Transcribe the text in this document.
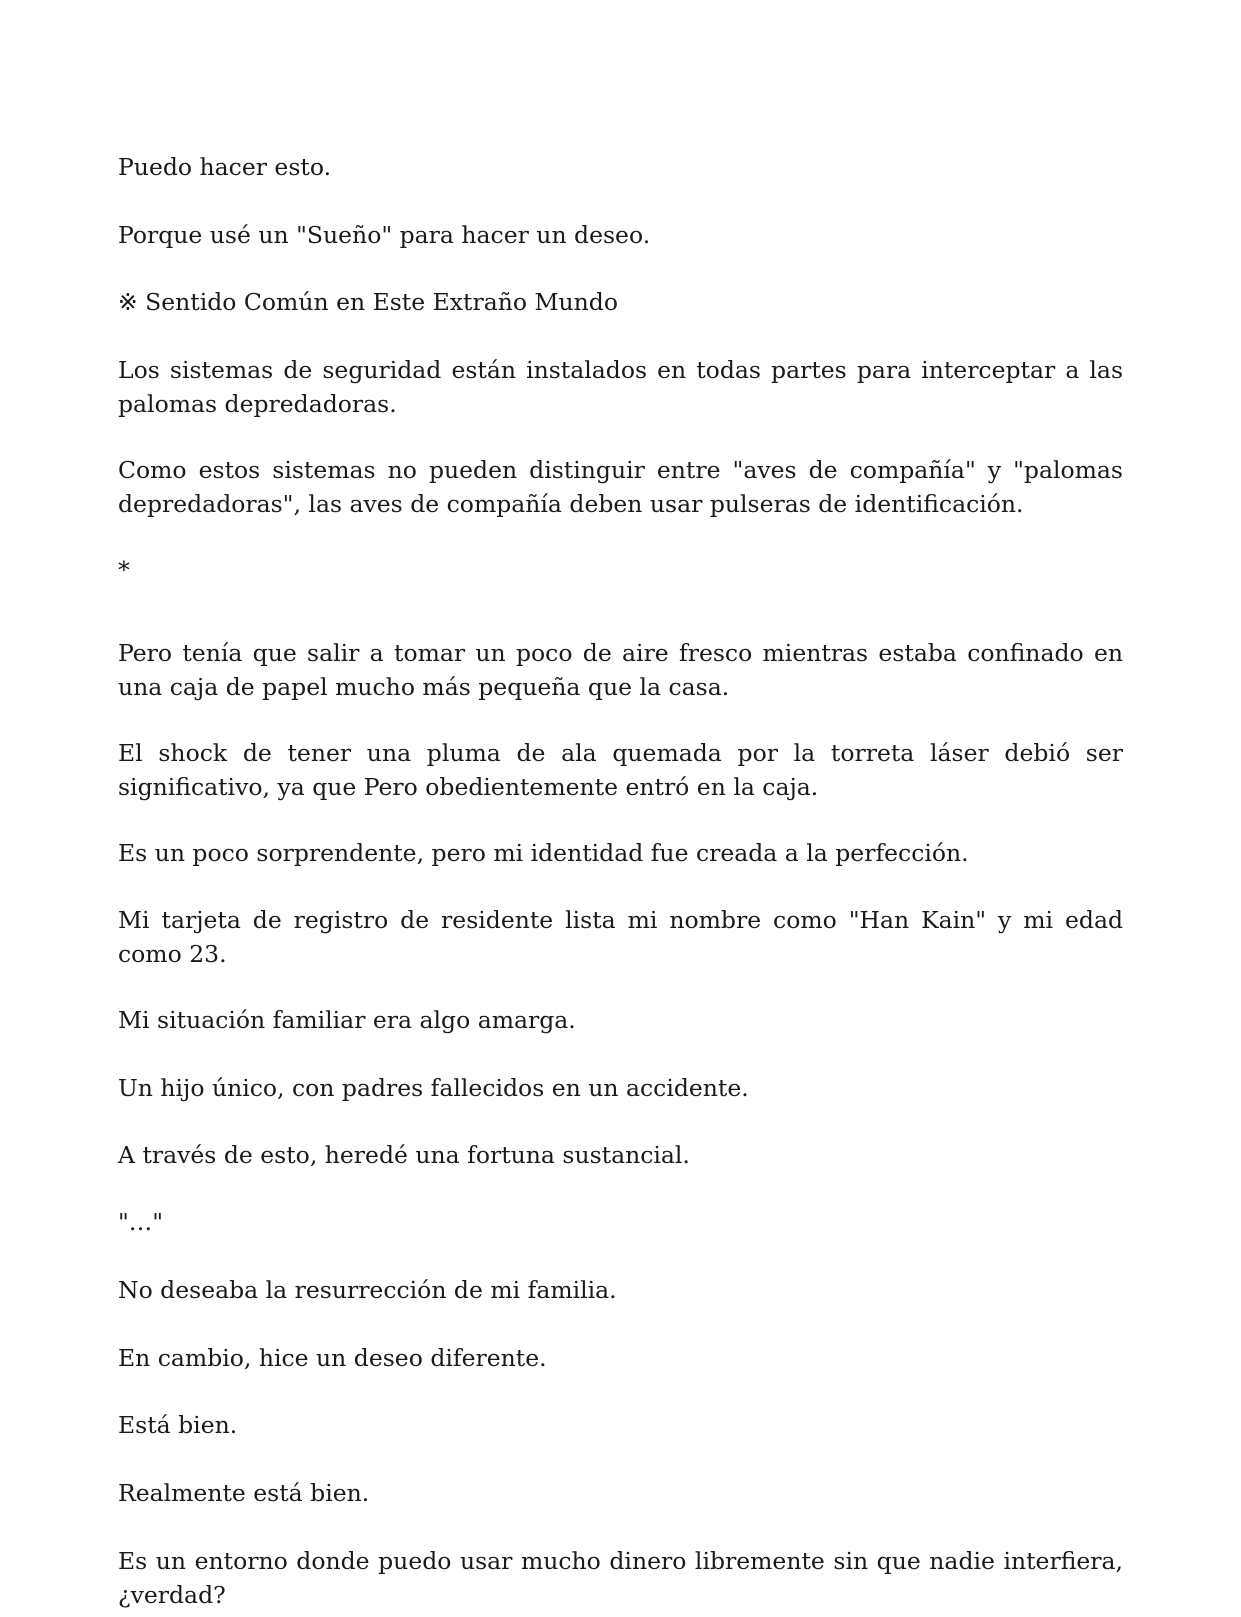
Puedo hacer esto.

Porque usé un "Sueño" para hacer un deseo.

※ Sentido Común en Este Extraño Mundo

Los sistemas de seguridad están instalados en todas partes para interceptar a las palomas depredadoras.

Como estos sistemas no pueden distinguir entre "aves de compañía" y "palomas depredadoras", las aves de compañía deben usar pulseras de identificación.

*

Pero tenía que salir a tomar un poco de aire fresco mientras estaba confinado en una caja de papel mucho más pequeña que la casa.

El shock de tener una pluma de ala quemada por la torreta láser debió ser significativo, ya que Pero obedientemente entró en la caja.

Es un poco sorprendente, pero mi identidad fue creada a la perfección.

Mi tarjeta de registro de residente lista mi nombre como "Han Kain" y mi edad como 23.

Mi situación familiar era algo amarga.

Un hijo único, con padres fallecidos en un accidente.

A través de esto, heredé una fortuna sustancial.

"…"

No deseaba la resurrección de mi familia.

En cambio, hice un deseo diferente.

Está bien.

Realmente está bien.

Es un entorno donde puedo usar mucho dinero libremente sin que nadie interfiera, ¿verdad?
